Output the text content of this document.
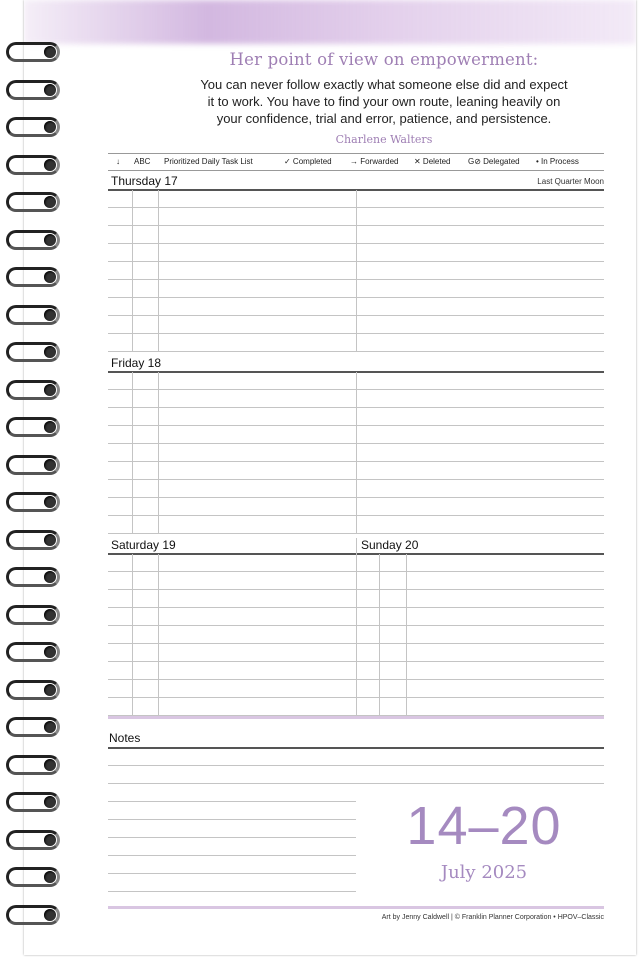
Her point of view on empowerment:
You can never follow exactly what someone else did and expect
it to work. You have to find your own route, leaning heavily on
your confidence, trial and error, patience, and persistence.
Charlene Walters
↓ ABC Prioritized Daily Task List	✓ Completed → Forwarded ✕ Deleted G⊘ Delegated • In Process
Thursday 17	Last Quarter Moon
Friday 18
Saturday 19	Sunday 20
Notes
14–20
July 2025
Art by Jenny Caldwell | © Franklin Planner Corporation • HPOV–Classic
